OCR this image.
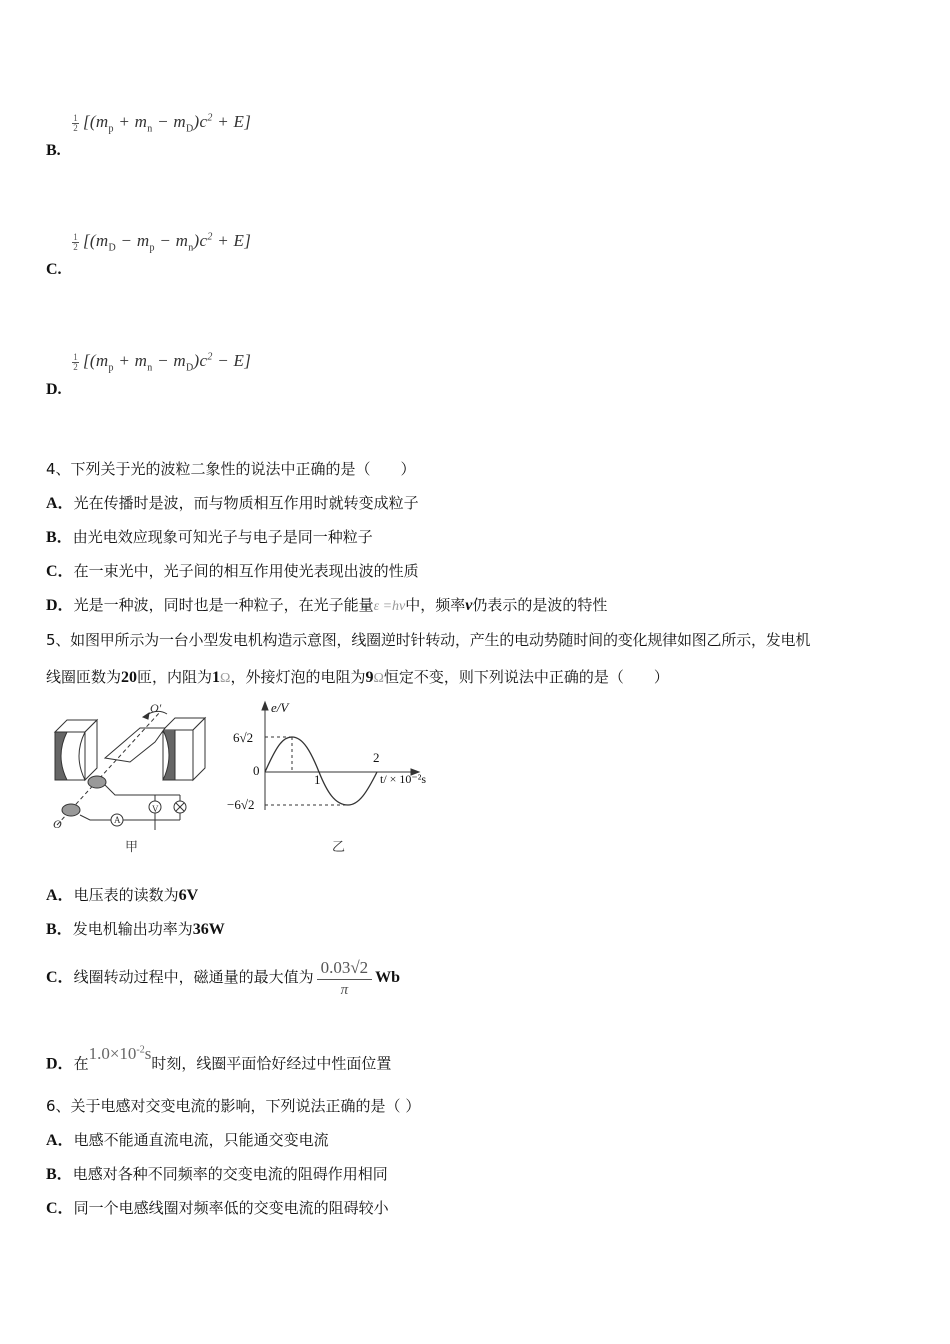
$\frac{1}{2} [(m_p + m_n - m_D)c^2 + E]$
B.
$\frac{1}{2} [(m_D - m_p - m_n)c^2 + E]$
C.
$\frac{1}{2} [(m_p + m_n - m_D)c^2 - E]$
D.
4、下列关于光的波粒二象性的说法中正确的是（　　）
A．光在传播时是波，而与物质相互作用时就转变成粒子
B．由光电效应现象可知光子与电子是同一种粒子
C．在一束光中，光子间的相互作用使光表现出波的性质
D．光是一种波，同时也是一种粒子，在光子能量ε =hν中，频率ν仍表示的是波的特性
5、如图甲所示为一台小型发电机构造示意图，线圈逆时针转动，产生的电动势随时间的变化规律如图乙所示，发电机
线圈匝数为20匝，内阻为1Ω，外接灯泡的电阻为9Ω恒定不变，则下列说法中正确的是（　　）
V
A
O′
O
甲
e/V
6√2
0
1
2
t/ × 10⁻²s
−6√2
乙
A．电压表的读数为6V
B．发电机输出功率为36W
C．线圈转动过程中，磁通量的最大值为 $\frac{0.03√2}{\pi}$ Wb
D．在$1.0\times 10^{-2}s$时刻，线圈平面恰好经过中性面位置
6、关于电感对交变电流的影响，下列说法正确的是（ ）
A．电感不能通直流电流，只能通交变电流
B．电感对各种不同频率的交变电流的阻碍作用相同
C．同一个电感线圈对频率低的交变电流的阻碍较小
